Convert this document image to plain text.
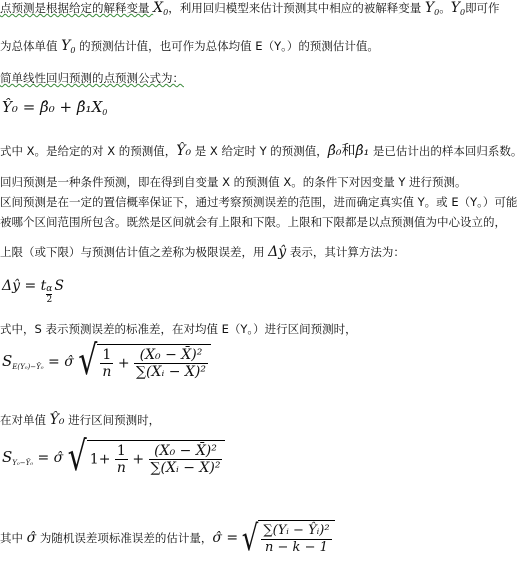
点预测是根据给定的解释变量 $X_0$，利用回归模型来估计预测其中相应的被解释变量 $Y_0$。$Y_0$即可作
为总体单值 $Y_0$ 的预测估计值，也可作为总体均值 E（Y。）的预测估计值。
简单线性回归预测的点预测公式为：
Ŷ₀ = β̂₀ + $\betâ_1X_0$
式中 X。是给定的对 X 的预测值，Ŷ₀ 是 X 给定时 Y 的预测值，β̂₀和β̂₁ 是已估计出的样本回归系数。
回归预测是一种条件预测，即在得到自变量 X 的预测值 X。的条件下对因变量 Y 进行预测。
区间预测是在一定的置信概率保证下，通过考察预测误差的范围，进而确定真实值 Y。或 E（Y。）可能
被哪个区间范围所包含。既然是区间就会有上限和下限。上限和下限都是以点预测值为中心设立的，
上限（或下限）与预测估计值之差称为极限误差，用 Δŷ 表示，其计算方法为：
Δŷ = t $\frac{\alpha}{2}$ S
式中，S 表示预测误差的标准差，在对均值 E（Y。）进行区间预测时，
$S_{E(Y_0)-Ŷ_0}$ = σ̂ √ $\frac{1}{n} + \frac{\text{(X₀ − X̄)²}}{\text{∑(Xᵢ − X̄)²}}$
在对单值 Ŷ₀ 进行区间预测时，
$S_{Y_0-Ŷ_0}$ = σ̂ √ $1+ \frac{1}{n} + \frac{\text{(X₀ − X̄)²}}{\text{∑(Xᵢ − X̄)²}}$
其中 σ̂ 为随机误差项标准误差的估计量，σ̂ = √ $\frac{\text{∑(Yᵢ − Ŷᵢ)²}}{n - k - 1}$
